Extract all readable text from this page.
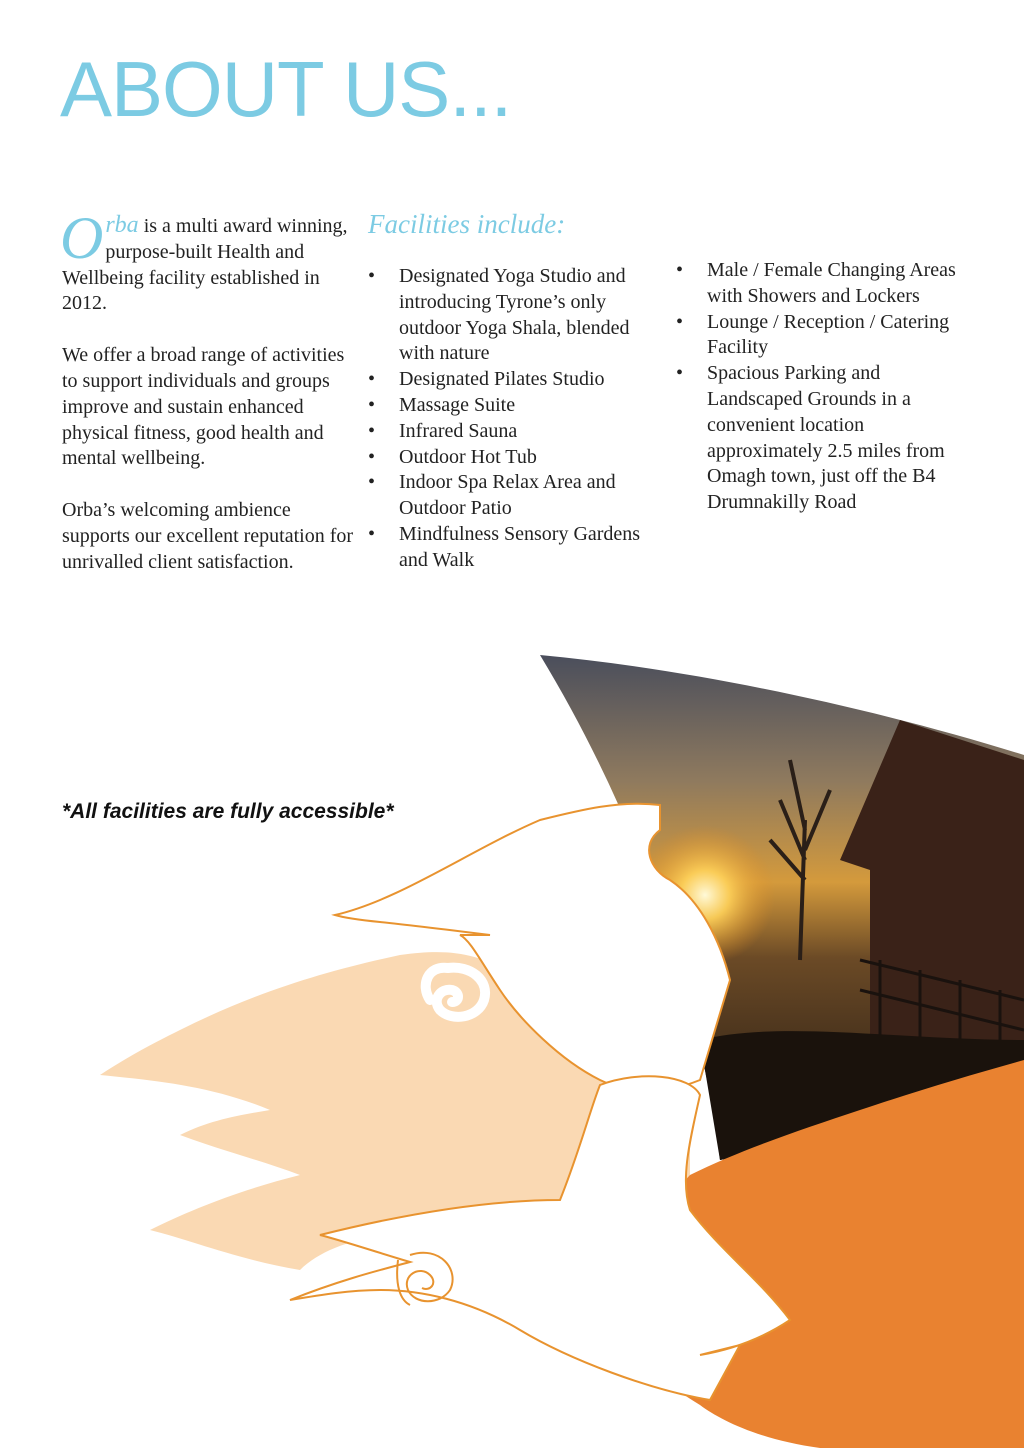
ABOUT US...

Orba is a multi award winning, purpose-built Health and Wellbeing facility established in 2012.

We offer a broad range of activities to support individuals and groups improve and sustain enhanced physical fitness, good health and mental wellbeing.

Orba’s welcoming ambience supports our excellent reputation for unrivalled client satisfaction.

Facilities include:
• Designated Yoga Studio and introducing Tyrone’s only outdoor Yoga Shala, blended with nature
• Designated Pilates Studio
• Massage Suite
• Infrared Sauna
• Outdoor Hot Tub
• Indoor Spa Relax Area and Outdoor Patio
• Mindfulness Sensory Gardens and Walk
• Male / Female Changing Areas with Showers and Lockers
• Lounge / Reception / Catering Facility
• Spacious Parking and Landscaped Grounds in a convenient location approximately 2.5 miles from Omagh town, just off the B4 Drumnakilly Road

*All facilities are fully accessible*
